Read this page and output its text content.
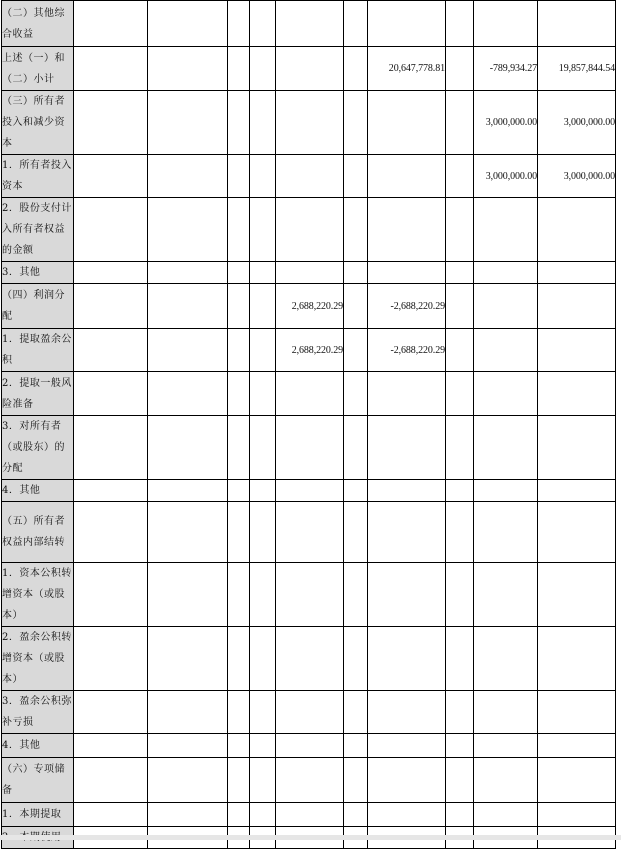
（二）其他综合收益										
上述（一）和（二）小计							20,647,778.81		-789,934.27	19,857,844.54
（三）所有者投入和减少资本									3,000,000.00	3,000,000.00
1．所有者投入资本									3,000,000.00	3,000,000.00
2．股份支付计入所有者权益的金额										
3．其他										
（四）利润分配					2,688,220.29		-2,688,220.29			
1．提取盈余公积					2,688,220.29		-2,688,220.29			
2．提取一般风险准备										
3．对所有者（或股东）的分配										
4．其他										
（五）所有者权益内部结转										
1．资本公积转增资本（或股本）										
2．盈余公积转增资本（或股本）										
3．盈余公积弥补亏损										
4．其他										
（六）专项储备										
1．本期提取										
